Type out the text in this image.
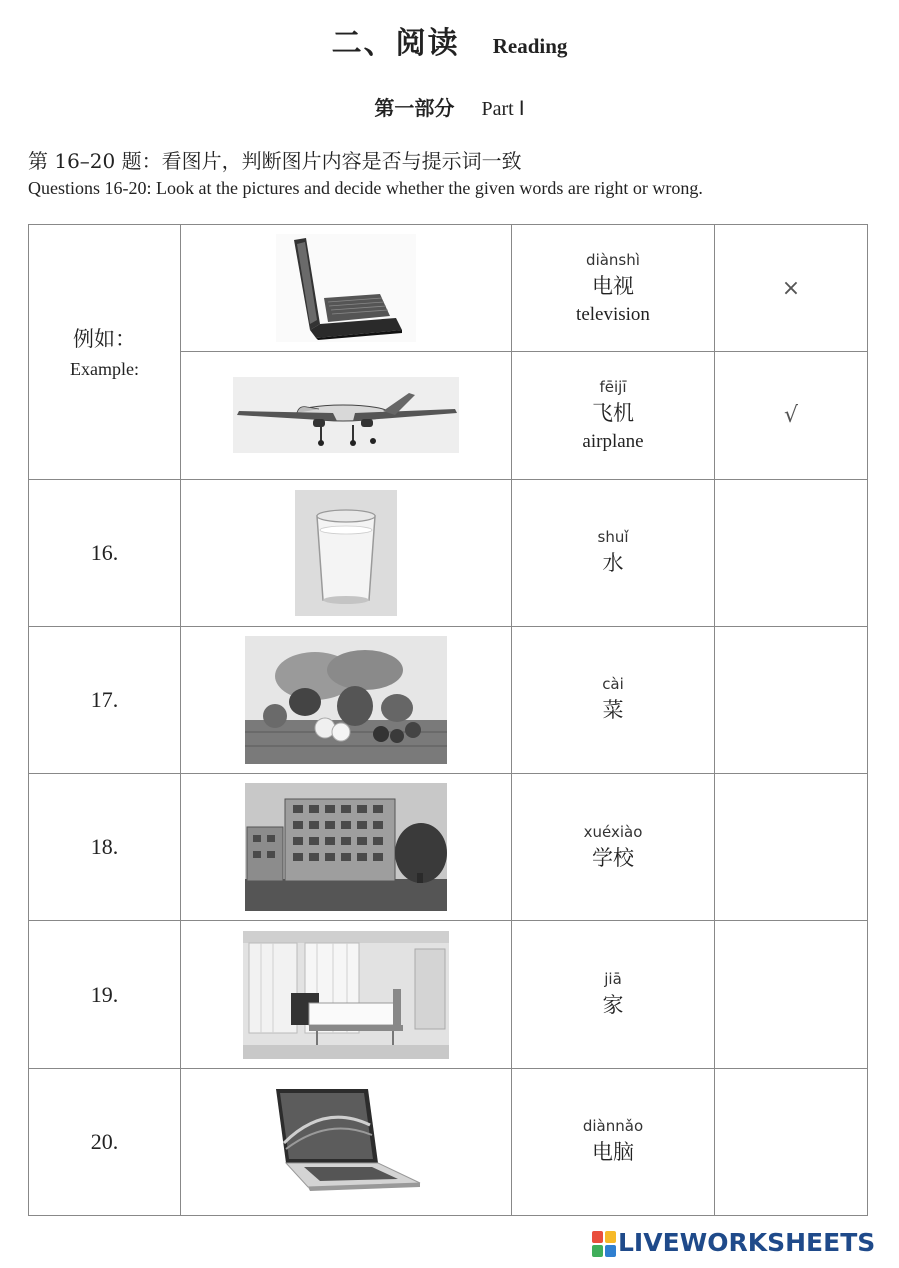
二、阅读 Reading
第一部分 Part Ⅰ
第 16–20 题：看图片，判断图片内容是否与提示词一致
Questions 16-20: Look at the pictures and decide whether the given words are right or wrong.
例如：
Example:		diànshì
电视
television	×

fēijī
飞机
airplane	√
16.		shuǐ
水	

17.		cài
菜	

18.		xuéxiào
学校	

19.		jiā
家	

20.		diànnǎo
电脑	

LIVEWORKSHEETS
